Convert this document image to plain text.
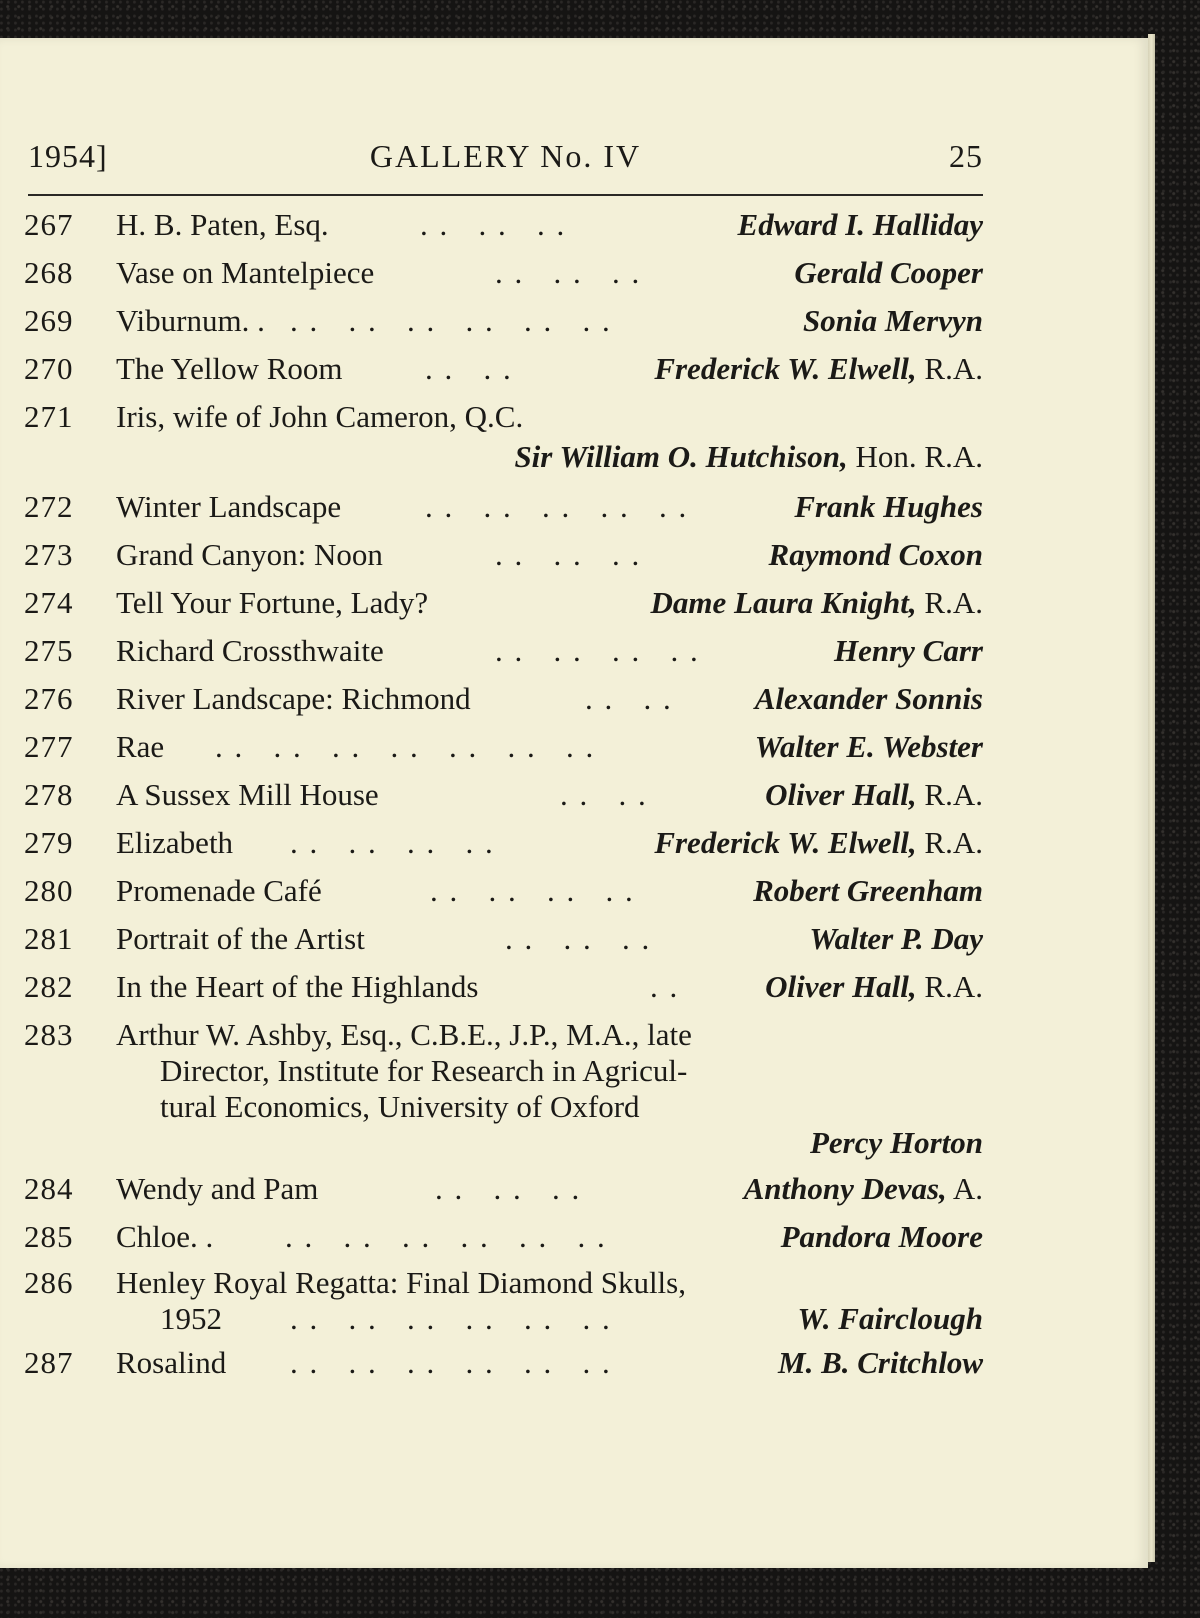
1954]	GALLERY No. IV	25
267	H. B. Paten, Esq.	. .   . .   . .	Edward I. Halliday
268	Vase on Mantelpiece	. .   . .   . .	Gerald Cooper
269	Viburnum. . . .   . .   . .   . .   . .   . .	Sonia Mervyn
270	The Yellow Room	. .   . .	Frederick W. Elwell, R.A.
271	Iris, wife of John Cameron, Q.C.
Sir William O. Hutchison, Hon. R.A.
272	Winter Landscape	. .   . .   . .   . .   . .	Frank Hughes
273	Grand Canyon: Noon	. .   . .   . .	Raymond Coxon
274	Tell Your Fortune, Lady?	Dame Laura Knight, R.A.
275	Richard Crossthwaite	. .   . .   . .   . .	Henry Carr
276	River Landscape: Richmond	. .   . .	Alexander Sonnis
277	Rae . .   . .   . .   . .   . .   . .   . .	Walter E. Webster
278	A Sussex Mill House	. .   . .	Oliver Hall, R.A.
279	Elizabeth . .   . .   . .   . .	Frederick W. Elwell, R.A.
280	Promenade Café	. .   . .   . .   . .	Robert Greenham
281	Portrait of the Artist	. .   . .   . .	Walter P. Day
282	In the Heart of the Highlands	. .	Oliver Hall, R.A.
283	Arthur W. Ashby, Esq., C.B.E., J.P., M.A., late
Director, Institute for Research in Agricul-
tural Economics, University of Oxford
Percy Horton
284	Wendy and Pam	. .   . .   . .	Anthony Devas, A.
285	Chloe. . . .   . .   . .   . .   . .   . .	Pandora Moore
286	Henley Royal Regatta: Final Diamond Skulls,
1952 . .   . .   . .   . .   . .   . .	W. Fairclough
287	Rosalind . .   . .   . .   . .   . .   . .	M. B. Critchlow
